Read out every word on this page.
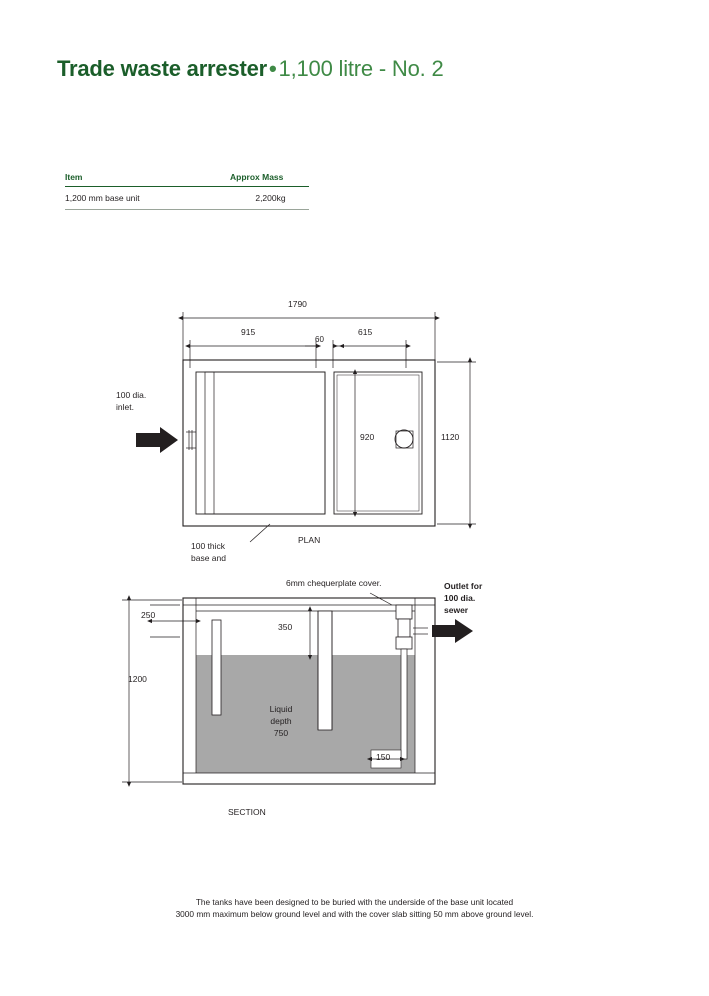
Trade waste arrester•1,100 litre - No. 2
Item	Approx Mass
1,200 mm base unit	2,200kg
1790
915
60
615
920	1120
100 dia.
inlet.
100 thick
base and
PLAN
6mm chequerplate cover.	Outlet for
100 dia.
sewer
250
350
1200
150
Liquid
depth
750
SECTION
The tanks have been designed to be buried with the underside of the base unit located
3000 mm maximum below ground level and with the cover slab sitting 50 mm above ground level.
